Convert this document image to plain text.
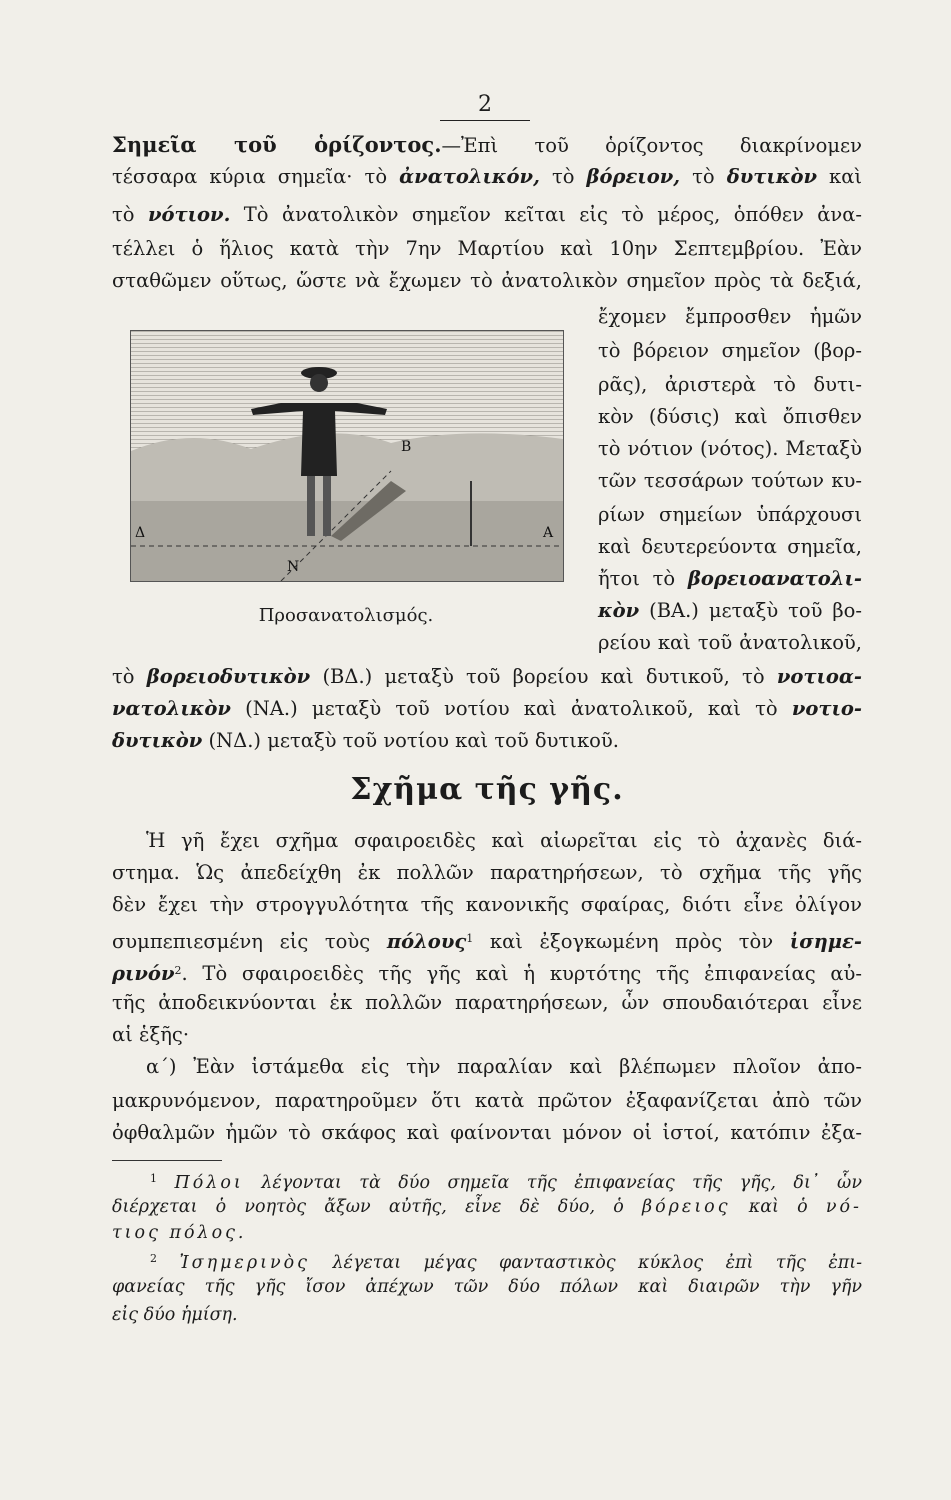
2
Σημεῖα τοῦ ὁρίζοντος.—Ἐπὶ τοῦ ὁρίζοντος διακρίνομεν
τέσσαρα κύρια σημεῖα· τὸ ἀνατολικόν, τὸ βόρειον, τὸ δυτικὸν καὶ
τὸ νότιον. Τὸ ἀνατολικὸν σημεῖον κεῖται εἰς τὸ μέρος, ὁπόθεν ἀνα-
τέλλει ὁ ἥλιος κατὰ τὴν 7ην Μαρτίου καὶ 10ην Σεπτεμβρίου. Ἐὰν
σταθῶμεν οὕτως, ὥστε νὰ ἔχωμεν τὸ ἀνατολικὸν σημεῖον πρὸς τὰ δεξιά,
Δ	Α
Β
Ν
Προσανατολισμός.
ἔχομεν ἔμπροσθεν ἡμῶν
τὸ βόρειον σημεῖον (βορ-
ρᾶς), ἀριστερὰ τὸ δυτι-
κὸν (δύσις) καὶ ὄπισθεν
τὸ νότιον (νότος). Μεταξὺ
τῶν τεσσάρων τούτων κυ-
ρίων σημείων ὑπάρχουσι
καὶ δευτερεύοντα σημεῖα,
ἤτοι τὸ βορειοανατολι-
κὸν (ΒΑ.) μεταξὺ τοῦ βο-
ρείου καὶ τοῦ ἀνατολικοῦ,
τὸ βορειοδυτικὸν (ΒΔ.) μεταξὺ τοῦ βορείου καὶ δυτικοῦ, τὸ νοτιοα-
νατολικὸν (ΝΑ.) μεταξὺ τοῦ νοτίου καὶ ἀνατολικοῦ, καὶ τὸ νοτιο-
δυτικὸν (ΝΔ.) μεταξὺ τοῦ νοτίου καὶ τοῦ δυτικοῦ.
Σχῆμα τῆς γῆς.
Ἡ γῆ ἔχει σχῆμα σφαιροειδὲς καὶ αἰωρεῖται εἰς τὸ ἀχανὲς διά-
στημα. Ὡς ἀπεδείχθη ἐκ πολλῶν παρατηρήσεων, τὸ σχῆμα τῆς γῆς
δὲν ἔχει τὴν στρογγυλότητα τῆς κανονικῆς σφαίρας, διότι εἶνε ὀλίγον
συμπεπιεσμένη εἰς τοὺς πόλους$^1$ καὶ ἐξογκωμένη πρὸς τὸν ἰσημε-
ρινόν$^2$. Τὸ σφαιροειδὲς τῆς γῆς καὶ ἡ κυρτότης τῆς ἐπιφανείας αὐ-
τῆς ἀποδεικνύονται ἐκ πολλῶν παρατηρήσεων, ὧν σπουδαιότεραι εἶνε
αἱ ἑξῆς·
α΄) Ἐὰν ἱστάμεθα εἰς τὴν παραλίαν καὶ βλέπωμεν πλοῖον ἀπο-
μακρυνόμενον, παρατηροῦμεν ὅτι κατὰ πρῶτον ἐξαφανίζεται ἀπὸ τῶν
ὀφθαλμῶν ἡμῶν τὸ σκάφος καὶ φαίνονται μόνον οἱ ἱστοί, κατόπιν ἐξα-
$^1$ Πόλοι λέγονται τὰ δύο σημεῖα τῆς ἐπιφανείας τῆς γῆς, δι᾽ ὧν
διέρχεται ὁ νοητὸς ἄξων αὐτῆς, εἶνε δὲ δύο, ὁ βόρειος καὶ ὁ νό-
τιος πόλος.
$^2$ Ἰσημερινὸς λέγεται μέγας φανταστικὸς κύκλος ἐπὶ τῆς ἐπι-
φανείας τῆς γῆς ἴσον ἀπέχων τῶν δύο πόλων καὶ διαιρῶν τὴν γῆν
εἰς δύο ἡμίση.
